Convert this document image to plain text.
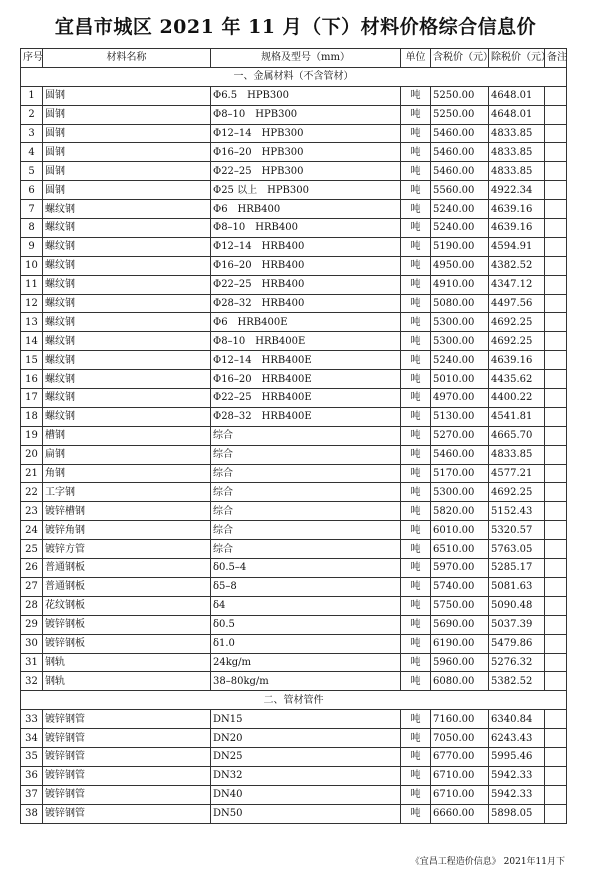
宜昌市城区 2021 年 11 月（下）材料价格综合信息价
序号	材料名称	规格及型号（mm）	单位	含税价（元）	除税价（元）	备注
一、金属材料（不含管材）						
1	圆钢	Φ6.5　HPB300	吨	5250.00	4648.01	
2	圆钢	Φ8–10　HPB300	吨	5250.00	4648.01	
3	圆钢	Φ12–14　HPB300	吨	5460.00	4833.85	
4	圆钢	Φ16–20　HPB300	吨	5460.00	4833.85	
5	圆钢	Φ22–25　HPB300	吨	5460.00	4833.85	
6	圆钢	Φ25 以上　HPB300	吨	5560.00	4922.34	
7	螺纹钢	Φ6　HRB400	吨	5240.00	4639.16	
8	螺纹钢	Φ8–10　HRB400	吨	5240.00	4639.16	
9	螺纹钢	Φ12–14　HRB400	吨	5190.00	4594.91	
10	螺纹钢	Φ16–20　HRB400	吨	4950.00	4382.52	
11	螺纹钢	Φ22–25　HRB400	吨	4910.00	4347.12	
12	螺纹钢	Φ28–32　HRB400	吨	5080.00	4497.56	
13	螺纹钢	Φ6　HRB400E	吨	5300.00	4692.25	
14	螺纹钢	Φ8–10　HRB400E	吨	5300.00	4692.25	
15	螺纹钢	Φ12–14　HRB400E	吨	5240.00	4639.16	
16	螺纹钢	Φ16–20　HRB400E	吨	5010.00	4435.62	
17	螺纹钢	Φ22–25　HRB400E	吨	4970.00	4400.22	
18	螺纹钢	Φ28–32　HRB400E	吨	5130.00	4541.81	
19	槽钢	综合	吨	5270.00	4665.70	
20	扁钢	综合	吨	5460.00	4833.85	
21	角钢	综合	吨	5170.00	4577.21	
22	工字钢	综合	吨	5300.00	4692.25	
23	镀锌槽钢	综合	吨	5820.00	5152.43	
24	镀锌角钢	综合	吨	6010.00	5320.57	
25	镀锌方管	综合	吨	6510.00	5763.05	
26	普通钢板	δ0.5–4	吨	5970.00	5285.17	
27	普通钢板	δ5–8	吨	5740.00	5081.63	
28	花纹钢板	δ4	吨	5750.00	5090.48	
29	镀锌钢板	δ0.5	吨	5690.00	5037.39	
30	镀锌钢板	δ1.0	吨	6190.00	5479.86	
31	钢轨	24kg/m	吨	5960.00	5276.32	
32	钢轨	38–80kg/m	吨	6080.00	5382.52	
二、管材管件						
33	镀锌钢管	DN15	吨	7160.00	6340.84	
34	镀锌钢管	DN20	吨	7050.00	6243.43	
35	镀锌钢管	DN25	吨	6770.00	5995.46	
36	镀锌钢管	DN32	吨	6710.00	5942.33	
37	镀锌钢管	DN40	吨	6710.00	5942.33	
38	镀锌钢管	DN50	吨	6660.00	5898.05	
《宜昌工程造价信息》 2021年11月下
